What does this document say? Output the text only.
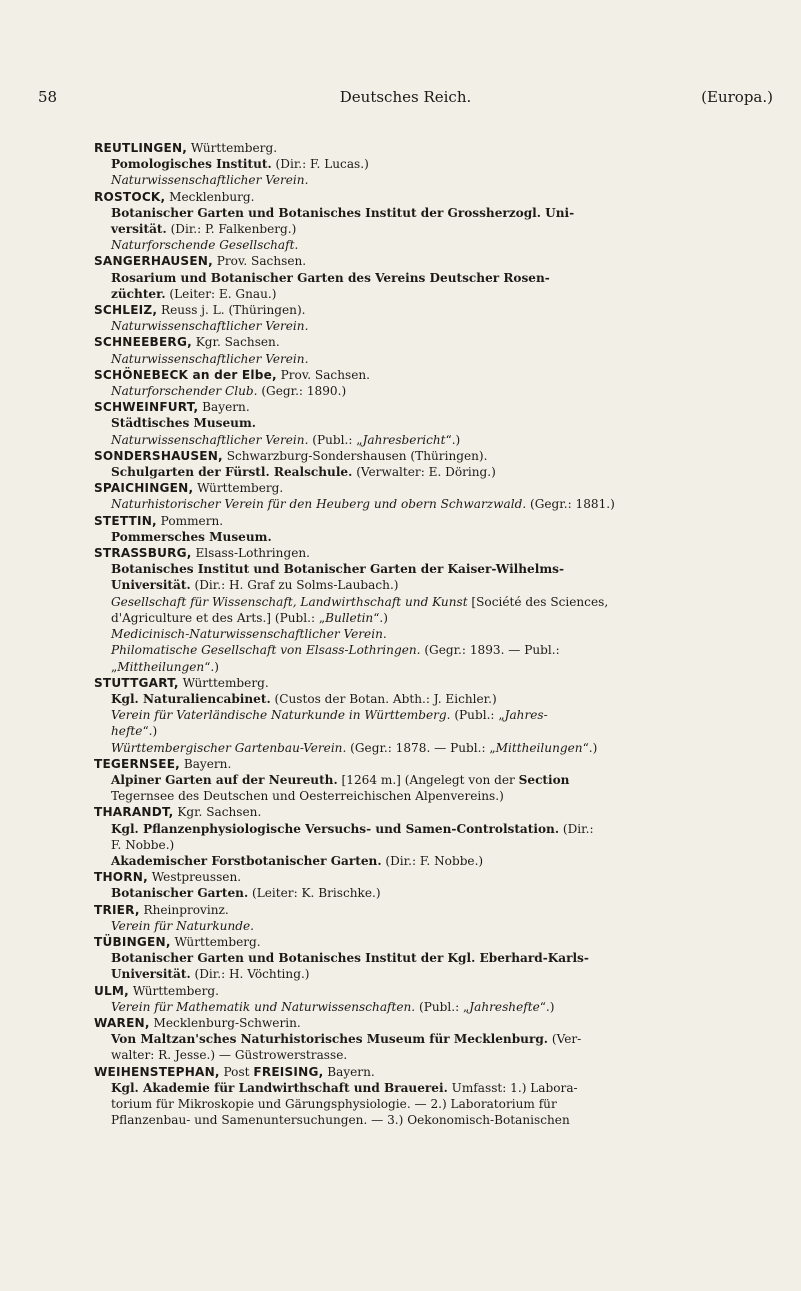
58	Deutsches Reich.	(Europa.)
REUTLINGEN, Württemberg.
Pomologisches Institut. (Dir.: F. Lucas.)
Naturwissenschaftlicher Verein.
ROSTOCK, Mecklenburg.
Botanischer Garten und Botanisches Institut der Grossherzogl. Uni-
versität. (Dir.: P. Falkenberg.)
Naturforschende Gesellschaft.
SANGERHAUSEN, Prov. Sachsen.
Rosarium und Botanischer Garten des Vereins Deutscher Rosen-
züchter. (Leiter: E. Gnau.)
SCHLEIZ, Reuss j. L. (Thüringen).
Naturwissenschaftlicher Verein.
SCHNEEBERG, Kgr. Sachsen.
Naturwissenschaftlicher Verein.
SCHÖNEBECK an der Elbe, Prov. Sachsen.
Naturforschender Club. (Gegr.: 1890.)
SCHWEINFURT, Bayern.
Städtisches Museum.
Naturwissenschaftlicher Verein. (Publ.: „Jahresbericht“.)
SONDERSHAUSEN, Schwarzburg-Sondershausen (Thüringen).
Schulgarten der Fürstl. Realschule. (Verwalter: E. Döring.)
SPAICHINGEN, Württemberg.
Naturhistorischer Verein für den Heuberg und obern Schwarzwald. (Gegr.: 1881.)
STETTIN, Pommern.
Pommersches Museum.
STRASSBURG, Elsass-Lothringen.
Botanisches Institut und Botanischer Garten der Kaiser-Wilhelms-
Universität. (Dir.: H. Graf zu Solms-Laubach.)
Gesellschaft für Wissenschaft, Landwirthschaft und Kunst [Société des Sciences,
d'Agriculture et des Arts.] (Publ.: „Bulletin“.)
Medicinisch-Naturwissenschaftlicher Verein.
Philomatische Gesellschaft von Elsass-Lothringen. (Gegr.: 1893. — Publ.:
„Mittheilungen“.)
STUTTGART, Württemberg.
Kgl. Naturaliencabinet. (Custos der Botan. Abth.: J. Eichler.)
Verein für Vaterländische Naturkunde in Württemberg. (Publ.: „Jahres-
hefte“.)
Württembergischer Gartenbau-Verein. (Gegr.: 1878. — Publ.: „Mittheilungen“.)
TEGERNSEE, Bayern.
Alpiner Garten auf der Neureuth. [1264 m.] (Angelegt von der Section
Tegernsee des Deutschen und Oesterreichischen Alpenvereins.)
THARANDT, Kgr. Sachsen.
Kgl. Pflanzenphysiologische Versuchs- und Samen-Controlstation. (Dir.:
F. Nobbe.)
Akademischer Forstbotanischer Garten. (Dir.: F. Nobbe.)
THORN, Westpreussen.
Botanischer Garten. (Leiter: K. Brischke.)
TRIER, Rheinprovinz.
Verein für Naturkunde.
TÜBINGEN, Württemberg.
Botanischer Garten und Botanisches Institut der Kgl. Eberhard-Karls-
Universität. (Dir.: H. Vöchting.)
ULM, Württemberg.
Verein für Mathematik und Naturwissenschaften. (Publ.: „Jahreshefte“.)
WAREN, Mecklenburg-Schwerin.
Von Maltzan'sches Naturhistorisches Museum für Mecklenburg. (Ver-
walter: R. Jesse.) — Güstrowerstrasse.
WEIHENSTEPHAN, Post FREISING, Bayern.
Kgl. Akademie für Landwirthschaft und Brauerei. Umfasst: 1.) Labora-
torium für Mikroskopie und Gärungsphysiologie. — 2.) Laboratorium für
Pflanzenbau- und Samenuntersuchungen. — 3.) Oekonomisch-Botanischen
